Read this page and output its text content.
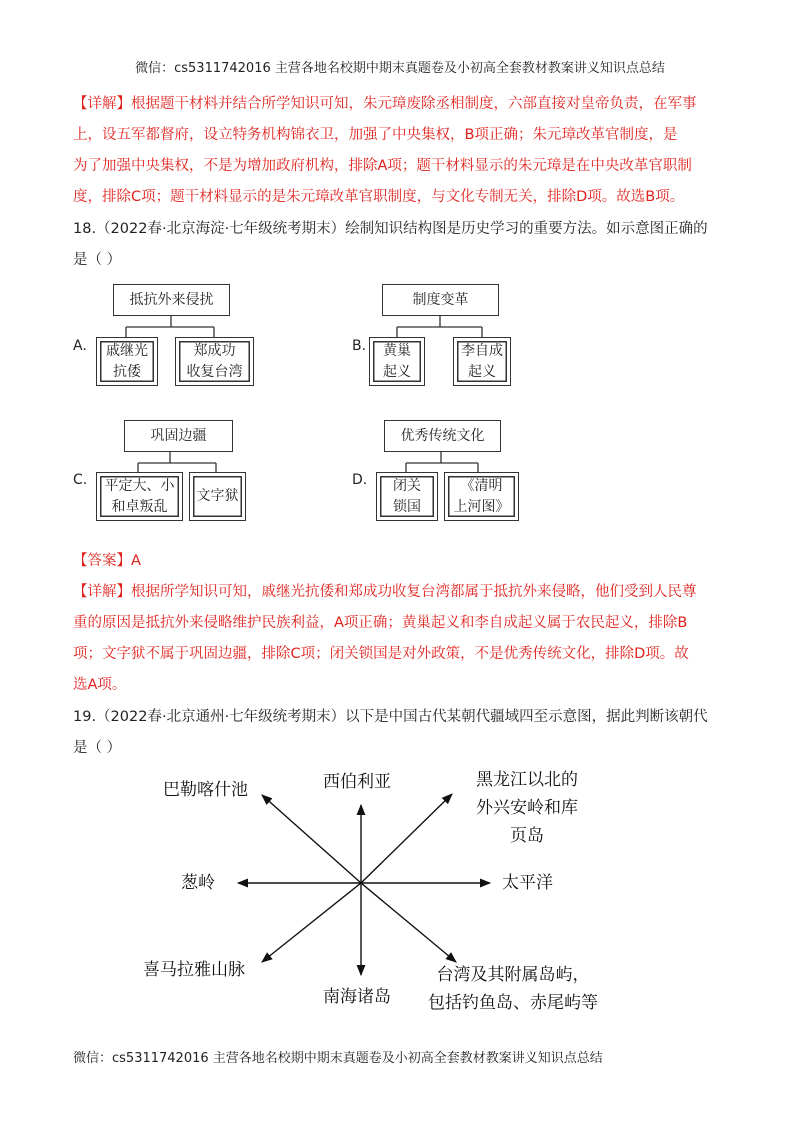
微信：cs5311742016 主营各地名校期中期末真题卷及小初高全套教材教案讲义知识点总结
【详解】根据题干材料并结合所学知识可知，朱元璋废除丞相制度，六部直接对皇帝负责，在军事
上，设五军都督府，设立特务机构锦衣卫，加强了中央集权，B项正确；朱元璋改革官制度，是
为了加强中央集权，不是为增加政府机构，排除A项；题干材料显示的朱元璋是在中央改革官职制
度，排除C项；题干材料显示的是朱元璋改革官职制度，与文化专制无关，排除D项。故选B项。
18.（2022春·北京海淀·七年级统考期末）绘制知识结构图是历史学习的重要方法。如示意图正确的
是（ ）
A.
抵抗外来侵扰
戚继光
抗倭
郑成功
收复台湾
B.
制度变革
黄巢
起义
李自成
起义
C.
巩固边疆
平定大、小
和卓叛乱
文字狱
D.
优秀传统文化
闭关
锁国
《清明
上河图》
【答案】A
【详解】根据所学知识可知，戚继光抗倭和郑成功收复台湾都属于抵抗外来侵略，他们受到人民尊
重的原因是抵抗外来侵略维护民族利益，A项正确；黄巢起义和李自成起义属于农民起义，排除B
项；文字狱不属于巩固边疆，排除C项；闭关锁国是对外政策，不是优秀传统文化，排除D项。故
选A项。
19.（2022春·北京通州·七年级统考期末）以下是中国古代某朝代疆域四至示意图，据此判断该朝代
是（ ）
巴勒喀什池	西伯利亚	黑龙江以北的
外兴安岭和库
页岛
葱岭	太平洋
喜马拉雅山脉
南海诸岛
台湾及其附属岛屿，
包括钓鱼岛、赤尾屿等
微信：cs5311742016 主营各地名校期中期末真题卷及小初高全套教材教案讲义知识点总结
